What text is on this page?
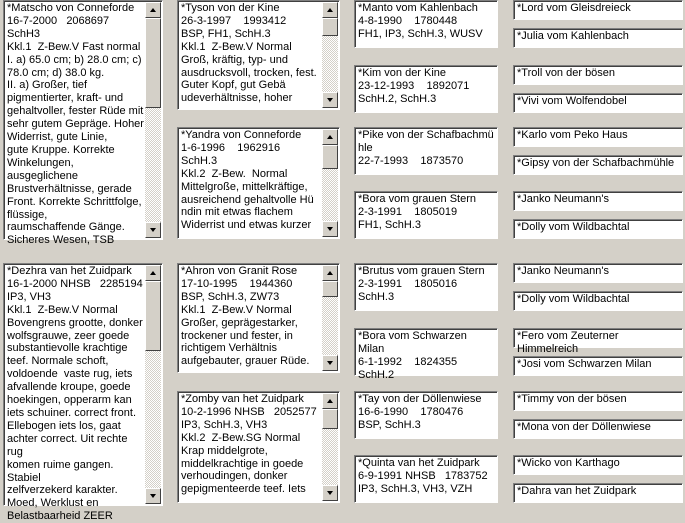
*Matscho von Conneforde
16-7-2000   2068697
SchH3
Kkl.1  Z-Bew.V Fast normal
I. a) 65.0 cm; b) 28.0 cm; c)
78.0 cm; d) 38.0 kg.
II. a) Großer, tief
pigmentierter, kraft- und
gehaltvoller, fester Rüde mit
sehr gutem Gepräge. Hoher
Widerrist, gute Linie,
gute Kruppe. Korrekte
Winkelungen, ausgeglichene
Brustverhältnisse, gerade
Front. Korrekte Schrittfolge,
flüssige,
raumschaffende Gänge.
Sicheres Wesen, TSB
*Tyson von der Kine
26-3-1997    1993412
BSP, FH1, SchH.3
Kkl.1  Z-Bew.V Normal
Groß, kräftig, typ- und
ausdrucksvoll, trocken, fest.
Guter Kopf, gut Gebä
udeverhältnisse, hoher
*Yandra von Conneforde
1-6-1996    1962916
SchH.3
Kkl.2  Z-Bew.  Normal
Mittelgroße, mittelkräftige,
ausreichend gehaltvolle Hü
ndin mit etwas flachem
Widerrist und etwas kurzer
*Manto vom Kahlenbach
4-8-1990    1780448
FH1, IP3, SchH.3, WUSV
*Kim von der Kine
23-12-1993    1892071
SchH.2, SchH.3
*Pike von der Schafbachmü
hle
22-7-1993    1873570
*Bora vom grauen Stern
2-3-1991    1805019
FH1, SchH.3
*Lord vom Gleisdreieck
*Julia vom Kahlenbach
*Troll von der bösen
*Vivi vom Wolfendobel
*Karlo vom Peko Haus
*Gipsy von der Schafbachmühle
*Janko Neumann's
*Dolly vom Wildbachtal
*Dezhra van het Zuidpark
16-1-2000 NHSB   2285194
IP3, VH3
Kkl.1  Z-Bew.V Normal
Bovengrens grootte, donker
wolfsgrauwe, zeer goede
substantievolle krachtige
teef. Normale schoft,
voldoende  vaste rug, iets
afvallende kroupe, goede
hoekingen, opperarm kan
iets schuiner. correct front.
Ellebogen iets los, gaat
achter correct. Uit rechte rug
komen ruime gangen. Stabiel
zelfverzekerd karakter.
Moed, Werklust en
Belastbaarheid ZEER
*Ahron von Granit Rose
17-10-1995    1944360
BSP, SchH.3, ZW73
Kkl.1  Z-Bew.V Normal
Großer, geprägestarker,
trockener und fester, in
richtigem Verhältnis
aufgebauter, grauer Rüde.
*Zomby van het Zuidpark
10-2-1996 NHSB   2052577
IP3, SchH.3, VH3
Kkl.2  Z-Bew.SG Normal
Krap middelgrote,
middelkrachtige in goede
verhoudingen, donker
gepigmenteerde teef. Iets
*Brutus vom grauen Stern
2-3-1991    1805016
SchH.3
*Bora vom Schwarzen Milan
6-1-1992    1824355
SchH.2
*Tay von der Döllenwiese
16-6-1990    1780476
BSP, SchH.3
*Quinta van het Zuidpark
6-9-1991 NHSB   1783752
IP3, SchH.3, VH3, VZH
*Janko Neumann's
*Dolly vom Wildbachtal
*Fero vom Zeuterner Himmelreich
*Josi vom Schwarzen Milan
*Timmy von der bösen
*Mona von der Döllenwiese
*Wicko von Karthago
*Dahra van het Zuidpark
